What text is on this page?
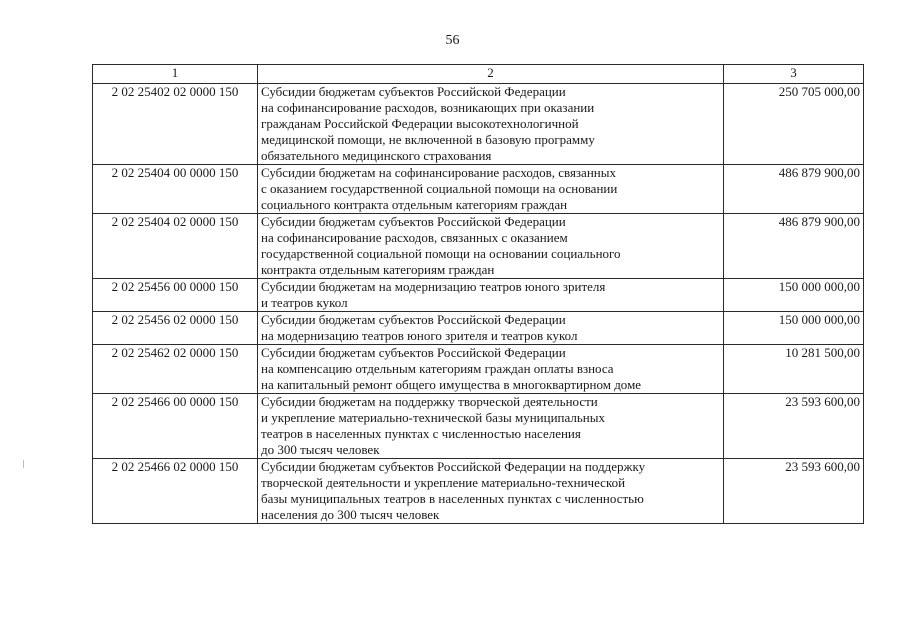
56
1	2	3
2 02 25402 02 0000 150	Субсидии бюджетам субъектов Российской Федерации
на софинансирование расходов, возникающих при оказании
гражданам Российской Федерации высокотехнологичной
медицинской помощи, не включенной в базовую программу
обязательного медицинского страхования	250 705 000,00
2 02 25404 00 0000 150	Субсидии бюджетам на софинансирование расходов, связанных
с оказанием государственной социальной помощи на основании
социального контракта отдельным категориям граждан	486 879 900,00
2 02 25404 02 0000 150	Субсидии бюджетам субъектов Российской Федерации
на софинансирование расходов, связанных с оказанием
государственной социальной помощи на основании социального
контракта отдельным категориям граждан	486 879 900,00
2 02 25456 00 0000 150	Субсидии бюджетам на модернизацию театров юного зрителя
и театров кукол	150 000 000,00
2 02 25456 02 0000 150	Субсидии бюджетам субъектов Российской Федерации
на модернизацию театров юного зрителя и театров кукол	150 000 000,00
2 02 25462 02 0000 150	Субсидии бюджетам субъектов Российской Федерации
на компенсацию отдельным категориям граждан оплаты взноса
на капитальный ремонт общего имущества в многоквартирном доме	10 281 500,00
2 02 25466 00 0000 150	Субсидии бюджетам на поддержку творческой деятельности
и укрепление материально-технической базы муниципальных
театров в населенных пунктах с численностью населения
до 300 тысяч человек	23 593 600,00
2 02 25466 02 0000 150	Субсидии бюджетам субъектов Российской Федерации на поддержку
творческой деятельности и укрепление материально-технической
базы муниципальных театров в населенных пунктах с численностью
населения до 300 тысяч человек	23 593 600,00
